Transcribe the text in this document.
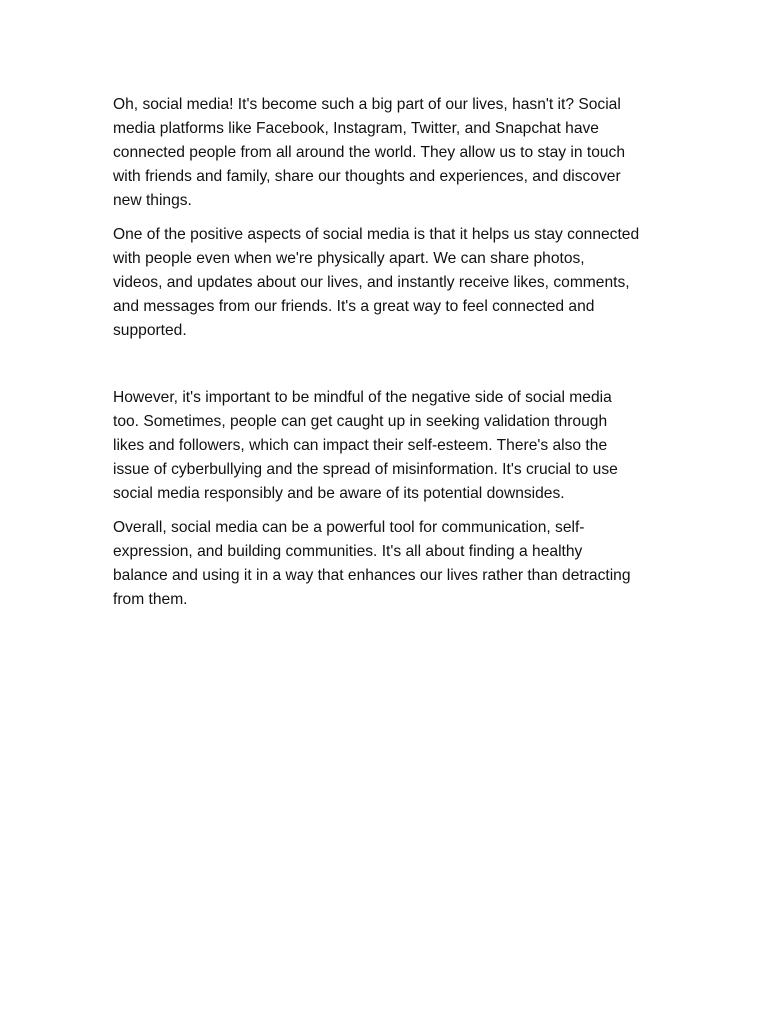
Oh, social media! It's become such a big part of our lives, hasn't it? Social
media platforms like Facebook, Instagram, Twitter, and Snapchat have
connected people from all around the world. They allow us to stay in touch
with friends and family, share our thoughts and experiences, and discover
new things.
One of the positive aspects of social media is that it helps us stay connected
with people even when we're physically apart. We can share photos,
videos, and updates about our lives, and instantly receive likes, comments,
and messages from our friends. It's a great way to feel connected and
supported.
However, it's important to be mindful of the negative side of social media
too. Sometimes, people can get caught up in seeking validation through
likes and followers, which can impact their self-esteem. There's also the
issue of cyberbullying and the spread of misinformation. It's crucial to use
social media responsibly and be aware of its potential downsides.
Overall, social media can be a powerful tool for communication, self-
expression, and building communities. It's all about finding a healthy
balance and using it in a way that enhances our lives rather than detracting
from them.
